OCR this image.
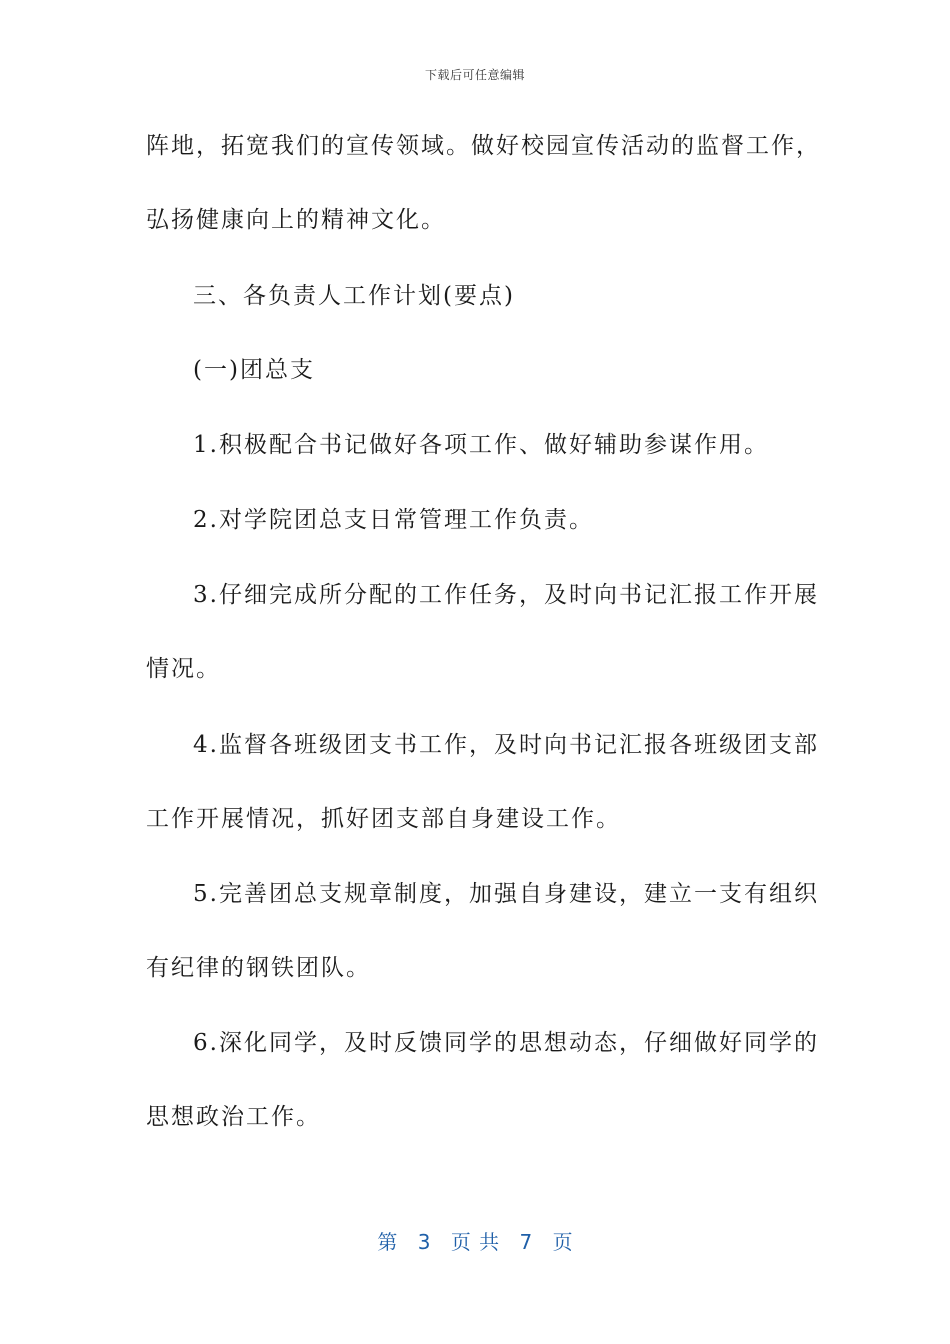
下载后可任意编辑
阵地，拓宽我们的宣传领域。做好校园宣传活动的监督工作，
弘扬健康向上的精神文化。
三、各负责人工作计划(要点)
(一)团总支
1.积极配合书记做好各项工作、做好辅助参谋作用。
2.对学院团总支日常管理工作负责。
3.仔细完成所分配的工作任务，及时向书记汇报工作开展
情况。
4.监督各班级团支书工作，及时向书记汇报各班级团支部
工作开展情况，抓好团支部自身建设工作。
5.完善团总支规章制度，加强自身建设，建立一支有组织
有纪律的钢铁团队。
6.深化同学，及时反馈同学的思想动态，仔细做好同学的
思想政治工作。
第 3 页 共 7 页
